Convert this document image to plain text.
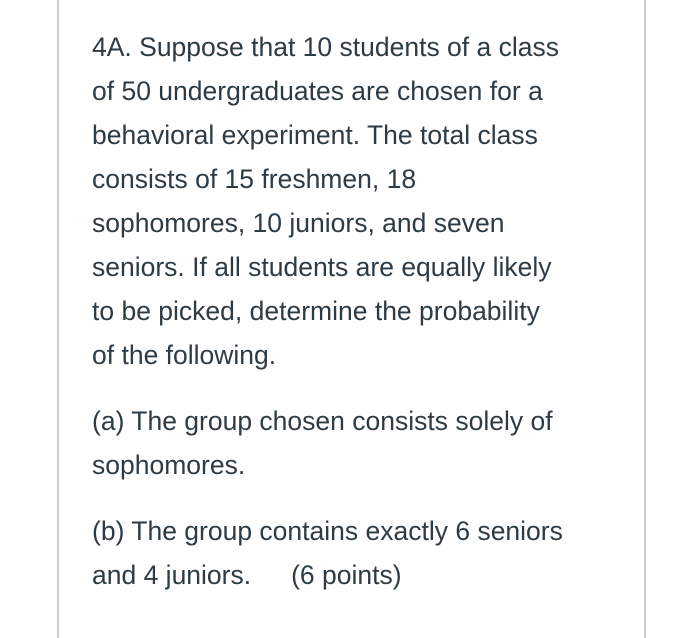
4A. Suppose that 10 students of a class
of 50 undergraduates are chosen for a
behavioral experiment. The total class
consists of 15 freshmen, 18
sophomores, 10 juniors, and seven
seniors. If all students are equally likely
to be picked, determine the probability
of the following.

(a) The group chosen consists solely of
sophomores.

(b) The group contains exactly 6 seniors
and 4 juniors. (6 points)
